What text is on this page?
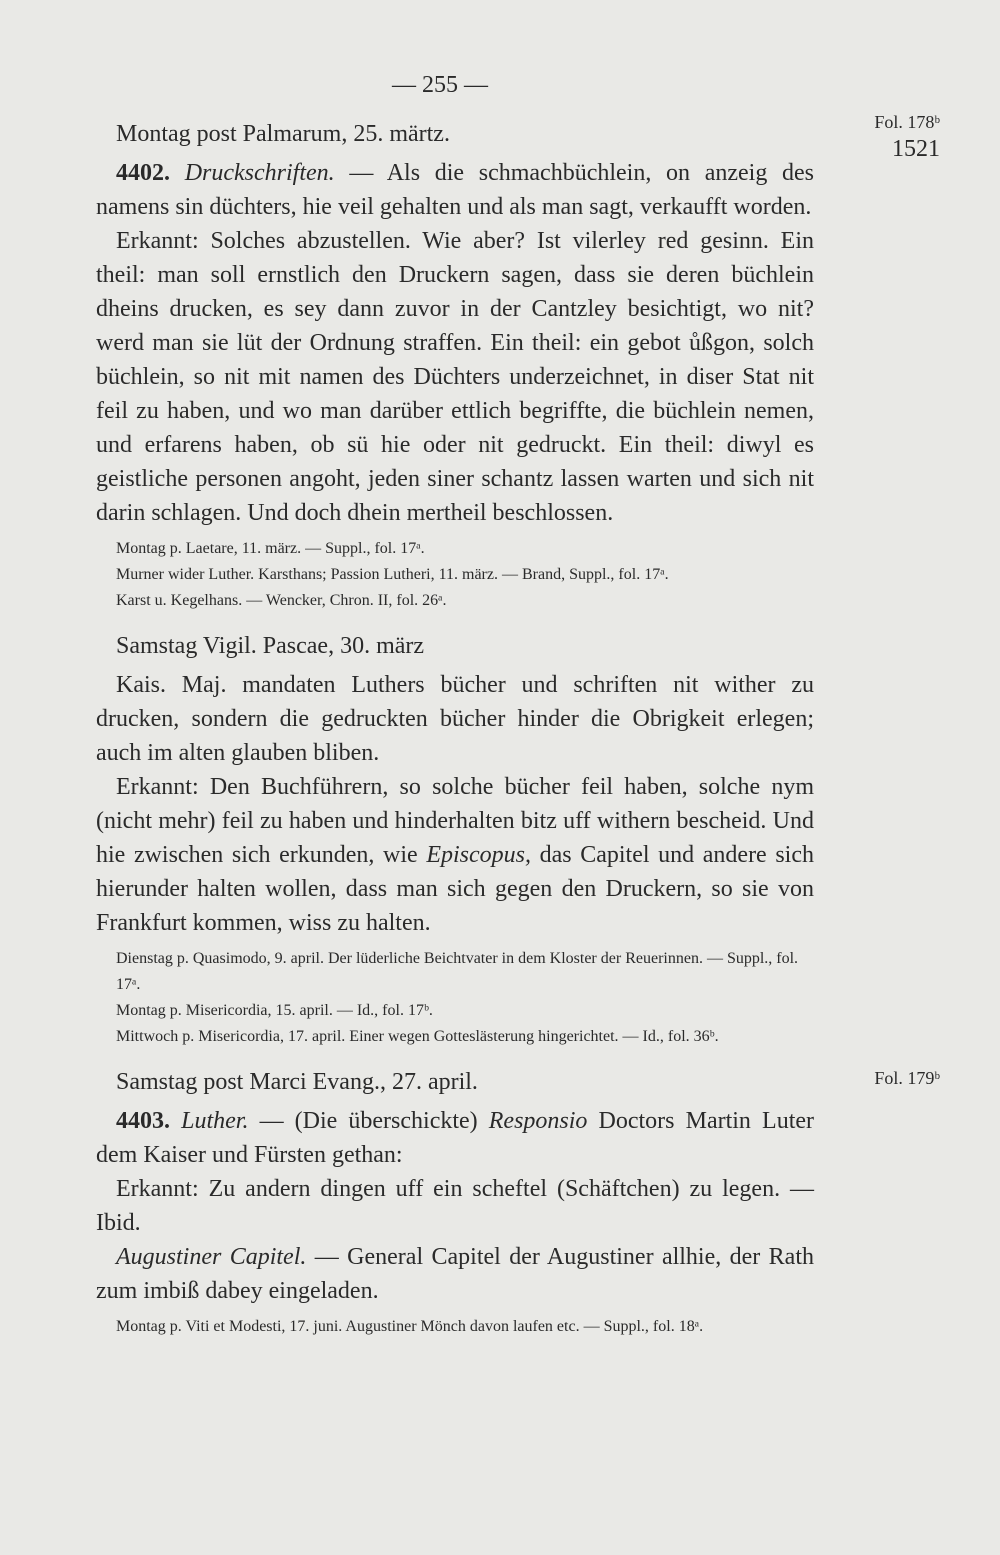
— 255 —
Fol. 178ᵇ
1521
Fol. 179ᵇ
Montag post Palmarum, 25. märtz.

4402. Druckschriften. — Als die schmachbüchlein, on anzeig des namens sin düchters, hie veil gehalten und als man sagt, verkaufft worden.

Erkannt: Solches abzustellen. Wie aber? Ist vilerley red gesinn. Ein theil: man soll ernstlich den Druckern sagen, dass sie deren büchlein dheins drucken, es sey dann zuvor in der Cantzley besichtigt, wo nit? werd man sie lüt der Ordnung straffen. Ein theil: ein gebot ůßgon, solch büchlein, so nit mit namen des Düchters underzeichnet, in diser Stat nit feil zu haben, und wo man darüber ettlich begriffte, die büchlein nemen, und erfarens haben, ob sü hie oder nit gedruckt. Ein theil: diwyl es geistliche personen angoht, jeden siner schantz lassen warten und sich nit darin schlagen. Und doch dhein mertheil beschlossen.

Montag p. Laetare, 11. märz. — Suppl., fol. 17ᵃ.

Murner wider Luther. Karsthans; Passion Lutheri, 11. märz. — Brand, Suppl., fol. 17ᵃ.

Karst u. Kegelhans. — Wencker, Chron. II, fol. 26ᵃ.

Samstag Vigil. Pascae, 30. märz

Kais. Maj. mandaten Luthers bücher und schriften nit wither zu drucken, sondern die gedruckten bücher hinder die Obrigkeit erlegen; auch im alten glauben bliben.

Erkannt: Den Buchführern, so solche bücher feil haben, solche nym (nicht mehr) feil zu haben und hinderhalten bitz uff withern bescheid. Und hie zwischen sich erkunden, wie Episcopus, das Capitel und andere sich hierunder halten wollen, dass man sich gegen den Druckern, so sie von Frankfurt kommen, wiss zu halten.

Dienstag p. Quasimodo, 9. april. Der lüderliche Beichtvater in dem Kloster der Reuerinnen. — Suppl., fol. 17ᵃ.

Montag p. Misericordia, 15. april. — Id., fol. 17ᵇ.

Mittwoch p. Misericordia, 17. april. Einer wegen Gotteslästerung hingerichtet. — Id., fol. 36ᵇ.

Samstag post Marci Evang., 27. april.

4403. Luther. — (Die überschickte) Responsio Doctors Martin Luter dem Kaiser und Fürsten gethan:

Erkannt: Zu andern dingen uff ein scheftel (Schäftchen) zu legen. — Ibid.

Augustiner Capitel. — General Capitel der Augustiner allhie, der Rath zum imbiß dabey eingeladen.

Montag p. Viti et Modesti, 17. juni. Augustiner Mönch davon laufen etc. — Suppl., fol. 18ᵃ.
